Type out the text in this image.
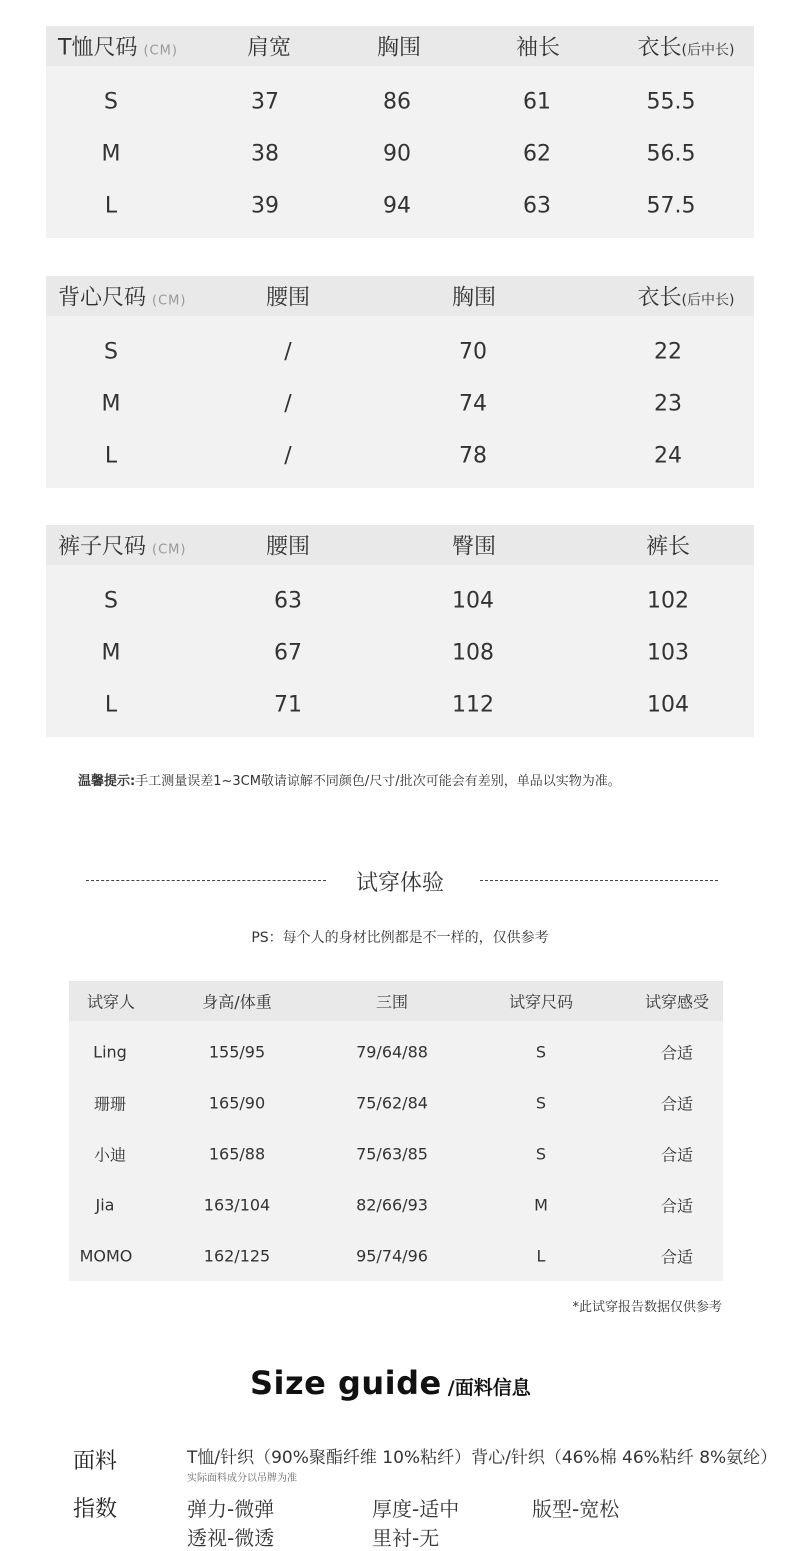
T恤尺码 (CM)	肩宽	胸围	袖长	衣长(后中长)
S	37	86	61	55.5
M	38	90	62	56.5
L	39	94	63	57.5
背心尺码 (CM)	腰围	胸围	衣长(后中长)
S	/	70	22
M	/	74	23
L	/	78	24
裤子尺码 (CM)	腰围	臀围	裤长
S	63	104	102
M	67	108	103
L	71	112	104
温馨提示:手工测量误差1~3CM敬请谅解不同颜色/尺寸/批次可能会有差别，单品以实物为准。
试穿体验
PS：每个人的身材比例都是不一样的，仅供参考
试穿人	身高/体重	三围	试穿尺码	试穿感受
Ling	155/95	79/64/88	S	合适
珊珊	165/90	75/62/84	S	合适
小迪	165/88	75/63/85	S	合适
Jia	163/104	82/66/93	M	合适
MOMO	162/125	95/74/96	L	合适
*此试穿报告数据仅供参考
Size guide /面料信息
面料	T恤/针织（90%聚酯纤维 10%粘纤）背心/针织（46%棉 46%粘纤 8%氨纶）
实际面料成分以吊牌为准
指数	弹力-微弹	厚度-适中	版型-宽松
透视-微透	里衬-无
